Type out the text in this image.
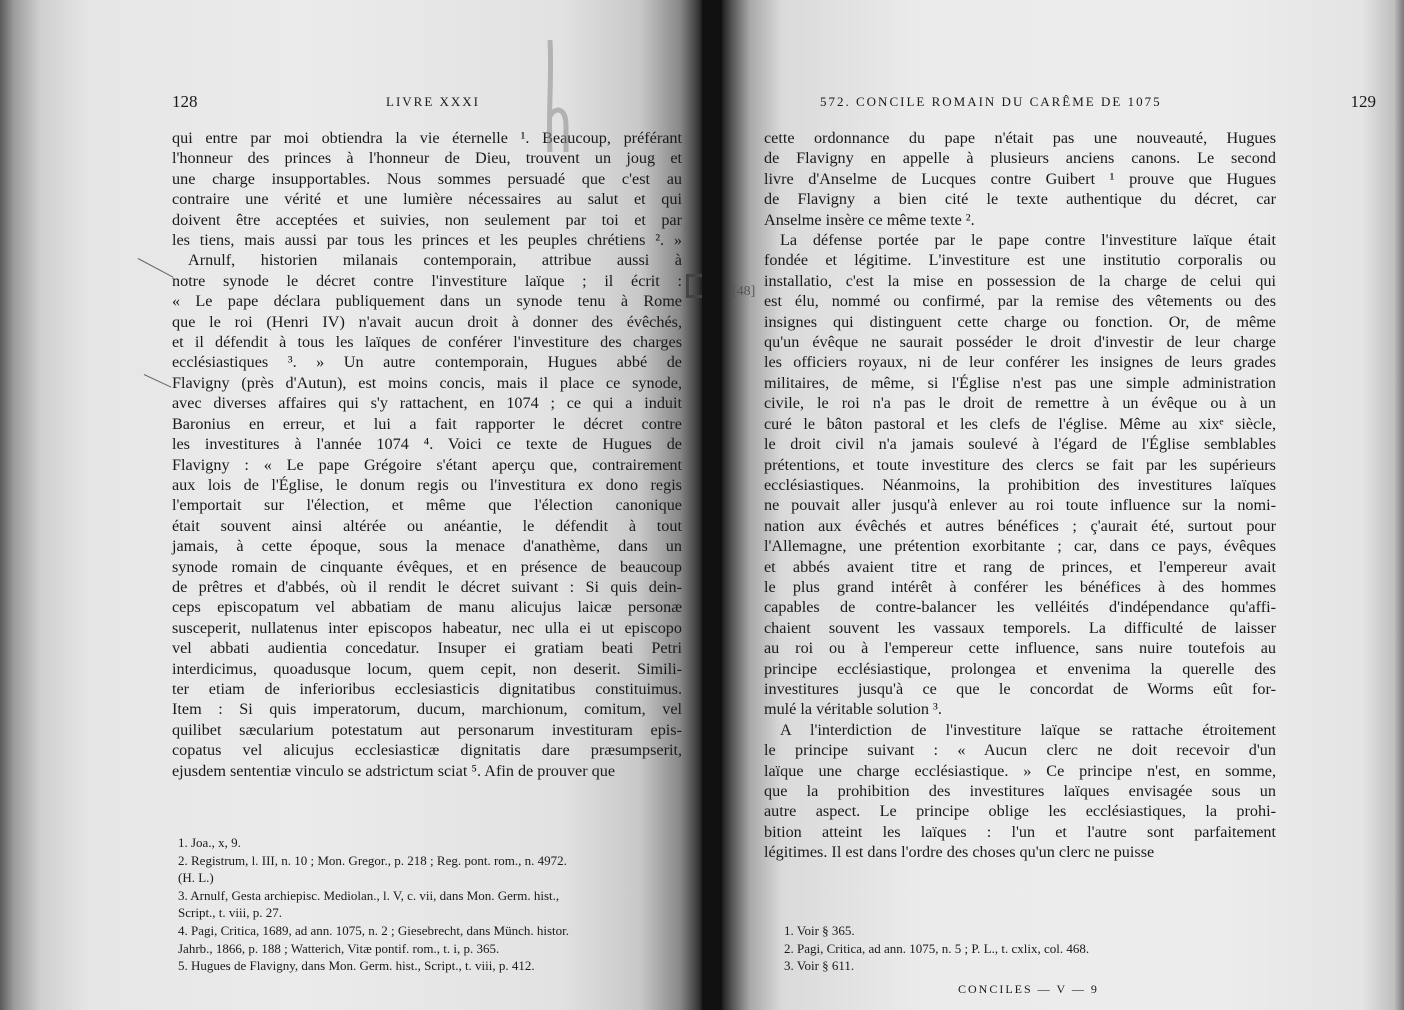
128	LIVRE XXXI
qui entre par moi obtiendra la vie éternelle ¹. Beaucoup, préférant
l'honneur des princes à l'honneur de Dieu, trouvent un joug et
une charge insupportables. Nous sommes persuadé que c'est au
contraire une vérité et une lumière nécessaires au salut et qui
doivent être acceptées et suivies, non seulement par toi et par
les tiens, mais aussi par tous les princes et les peuples chrétiens ². »
Arnulf, historien milanais contemporain, attribue aussi à
notre synode le décret contre l'investiture laïque ; il écrit :
« Le pape déclara publiquement dans un synode tenu à Rome
que le roi (Henri IV) n'avait aucun droit à donner des évêchés,
et il défendit à tous les laïques de conférer l'investiture des charges
ecclésiastiques ³. » Un autre contemporain, Hugues abbé de
Flavigny (près d'Autun), est moins concis, mais il place ce synode,
avec diverses affaires qui s'y rattachent, en 1074 ; ce qui a induit
Baronius en erreur, et lui a fait rapporter le décret contre
les investitures à l'année 1074 ⁴. Voici ce texte de Hugues de
Flavigny : « Le pape Grégoire s'étant aperçu que, contrairement
aux lois de l'Église, le donum regis ou l'investitura ex dono regis
l'emportait sur l'élection, et même que l'élection canonique
était souvent ainsi altérée ou anéantie, le défendit à tout
jamais, à cette époque, sous la menace d'anathème, dans un
synode romain de cinquante évêques, et en présence de beaucoup
de prêtres et d'abbés, où il rendit le décret suivant : Si quis dein-
ceps episcopatum vel abbatiam de manu alicujus laicæ personæ
susceperit, nullatenus inter episcopos habeatur, nec ulla ei ut episcopo
vel abbati audientia concedatur. Insuper ei gratiam beati Petri
interdicimus, quoadusque locum, quem cepit, non deserit. Simili-
ter etiam de inferioribus ecclesiasticis dignitatibus constituimus.
Item : Si quis imperatorum, ducum, marchionum, comitum, vel
quilibet sæcularium potestatum aut personarum investituram epis-
copatus vel alicujus ecclesiasticæ dignitatis dare præsumpserit,
ejusdem sententiæ vinculo se adstrictum sciat ⁵. Afin de prouver que
1. Joa., x, 9.
2. Registrum, l. III, n. 10 ; Mon. Gregor., p. 218 ; Reg. pont. rom., n. 4972.
(H. L.)
3. Arnulf, Gesta archiepisc. Mediolan., l. V, c. vii, dans Mon. Germ. hist.,
Script., t. viii, p. 27.
4. Pagi, Critica, 1689, ad ann. 1075, n. 2 ; Giesebrecht, dans Münch. histor.
Jahrb., 1866, p. 188 ; Watterich, Vitæ pontif. rom., t. i, p. 365.
5. Hugues de Flavigny, dans Mon. Germ. hist., Script., t. viii, p. 412.
572. CONCILE ROMAIN DU CARÊME DE 1075	129
[48]
cette ordonnance du pape n'était pas une nouveauté, Hugues
de Flavigny en appelle à plusieurs anciens canons. Le second
livre d'Anselme de Lucques contre Guibert ¹ prouve que Hugues
de Flavigny a bien cité le texte authentique du décret, car
Anselme insère ce même texte ².
La défense portée par le pape contre l'investiture laïque était
fondée et légitime. L'investiture est une institutio corporalis ou
installatio, c'est la mise en possession de la charge de celui qui
est élu, nommé ou confirmé, par la remise des vêtements ou des
insignes qui distinguent cette charge ou fonction. Or, de même
qu'un évêque ne saurait posséder le droit d'investir de leur charge
les officiers royaux, ni de leur conférer les insignes de leurs grades
militaires, de même, si l'Église n'est pas une simple administration
civile, le roi n'a pas le droit de remettre à un évêque ou à un
curé le bâton pastoral et les clefs de l'église. Même au xixᵉ siècle,
le droit civil n'a jamais soulevé à l'égard de l'Église semblables
prétentions, et toute investiture des clercs se fait par les supérieurs
ecclésiastiques. Néanmoins, la prohibition des investitures laïques
ne pouvait aller jusqu'à enlever au roi toute influence sur la nomi-
nation aux évêchés et autres bénéfices ; ç'aurait été, surtout pour
l'Allemagne, une prétention exorbitante ; car, dans ce pays, évêques
et abbés avaient titre et rang de princes, et l'empereur avait
le plus grand intérêt à conférer les bénéfices à des hommes
capables de contre-balancer les velléités d'indépendance qu'affi-
chaient souvent les vassaux temporels. La difficulté de laisser
au roi ou à l'empereur cette influence, sans nuire toutefois au
principe ecclésiastique, prolongea et envenima la querelle des
investitures jusqu'à ce que le concordat de Worms eût for-
mulé la véritable solution ³.
A l'interdiction de l'investiture laïque se rattache étroitement
le principe suivant : « Aucun clerc ne doit recevoir d'un
laïque une charge ecclésiastique. » Ce principe n'est, en somme,
que la prohibition des investitures laïques envisagée sous un
autre aspect. Le principe oblige les ecclésiastiques, la prohi-
bition atteint les laïques : l'un et l'autre sont parfaitement
légitimes. Il est dans l'ordre des choses qu'un clerc ne puisse
1. Voir § 365.
2. Pagi, Critica, ad ann. 1075, n. 5 ; P. L., t. cxlix, col. 468.
3. Voir § 611.
CONCILES — V — 9
